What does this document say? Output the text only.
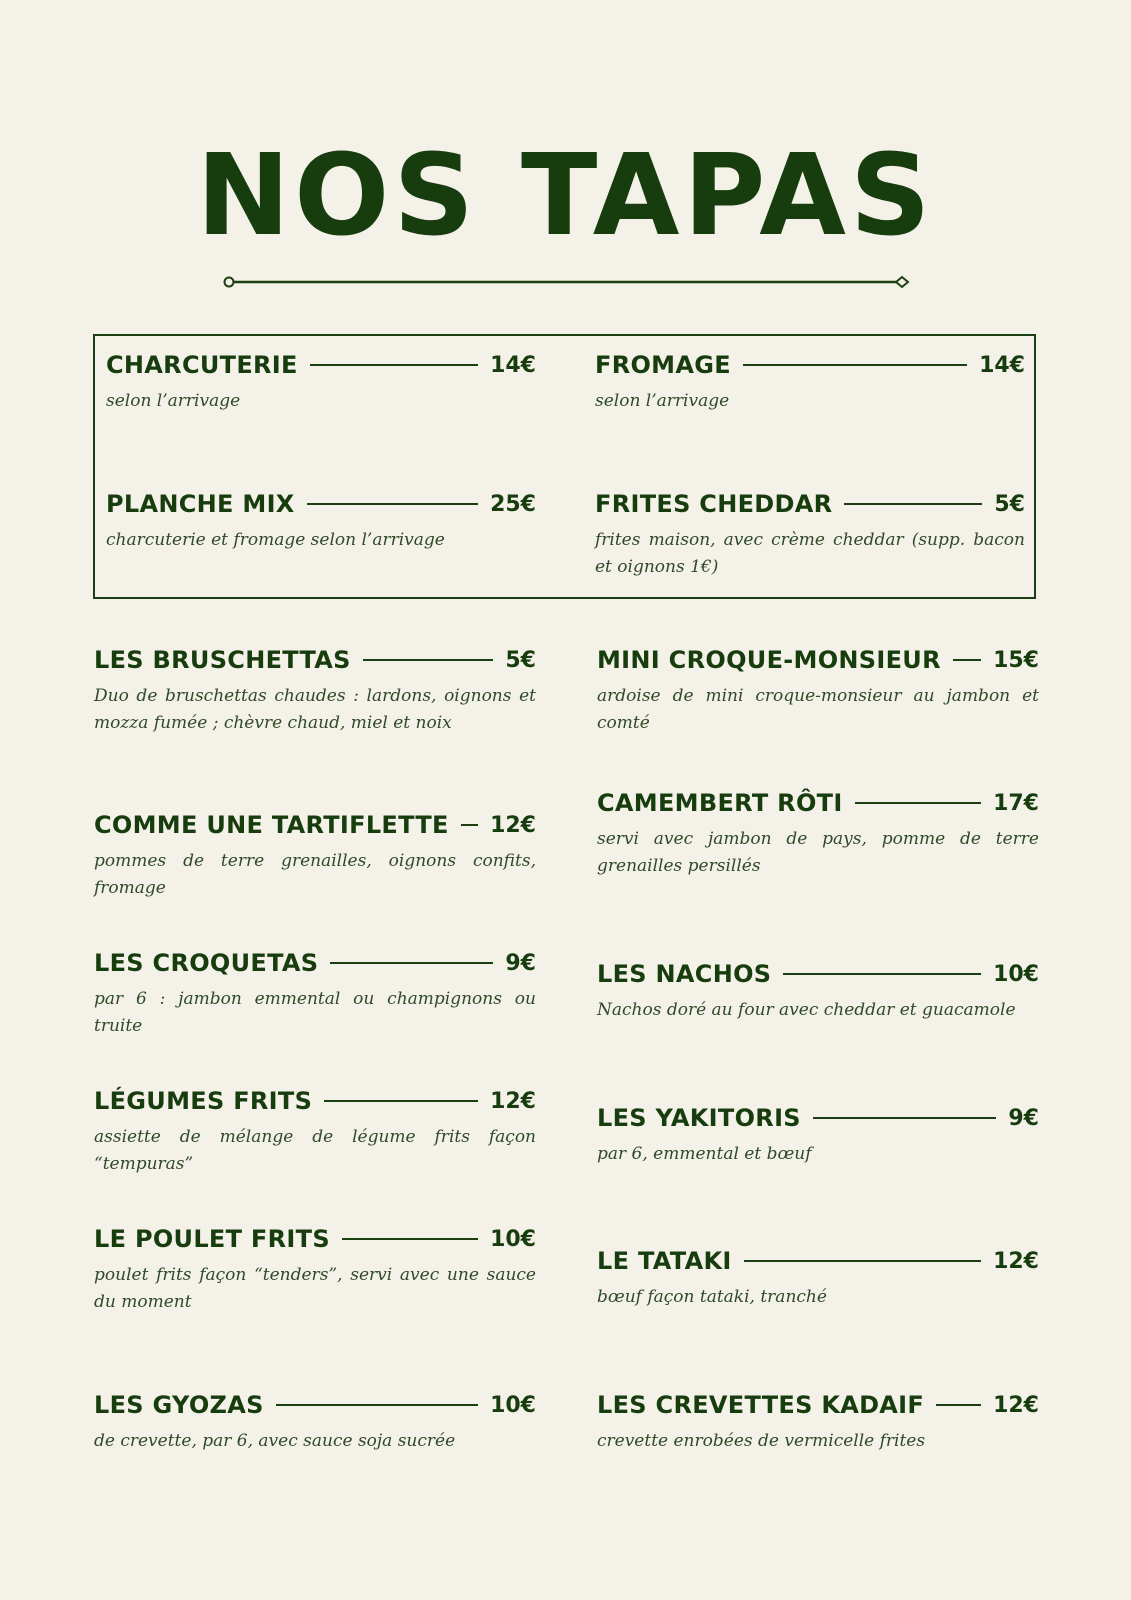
NOS TAPAS
CHARCUTERIE	14€
selon l’arrivage
FROMAGE	14€
selon l’arrivage
PLANCHE MIX	25€
charcuterie et fromage selon l’arrivage
FRITES CHEDDAR	5€
frites maison, avec crème cheddar (supp. bacon et oignons 1€)
LES BRUSCHETTAS	5€
Duo de bruschettas chaudes : lardons, oignons et mozza fumée ; chèvre chaud, miel et noix
COMME UNE TARTIFLETTE 12€
pommes de terre grenailles, oignons confits, fromage
LES CROQUETAS	9€
par 6 : jambon emmental ou champignons ou truite
LÉGUMES FRITS	12€
assiette de mélange de légume frits façon “tempuras”
LE POULET FRITS	10€
poulet frits façon “tenders”, servi avec une sauce du moment
LES GYOZAS	10€
de crevette, par 6, avec sauce soja sucrée
MINI CROQUE-MONSIEUR 15€
ardoise de mini croque-monsieur au jambon et comté
CAMEMBERT RÔTI	17€
servi avec jambon de pays, pomme de terre grenailles persillés
LES NACHOS	10€
Nachos doré au four avec cheddar et guacamole
LES YAKITORIS	9€
par 6, emmental et bœuf
LE TATAKI	12€
bœuf façon tataki, tranché
LES CREVETTES KADAIF	12€
crevette enrobées de vermicelle frites
